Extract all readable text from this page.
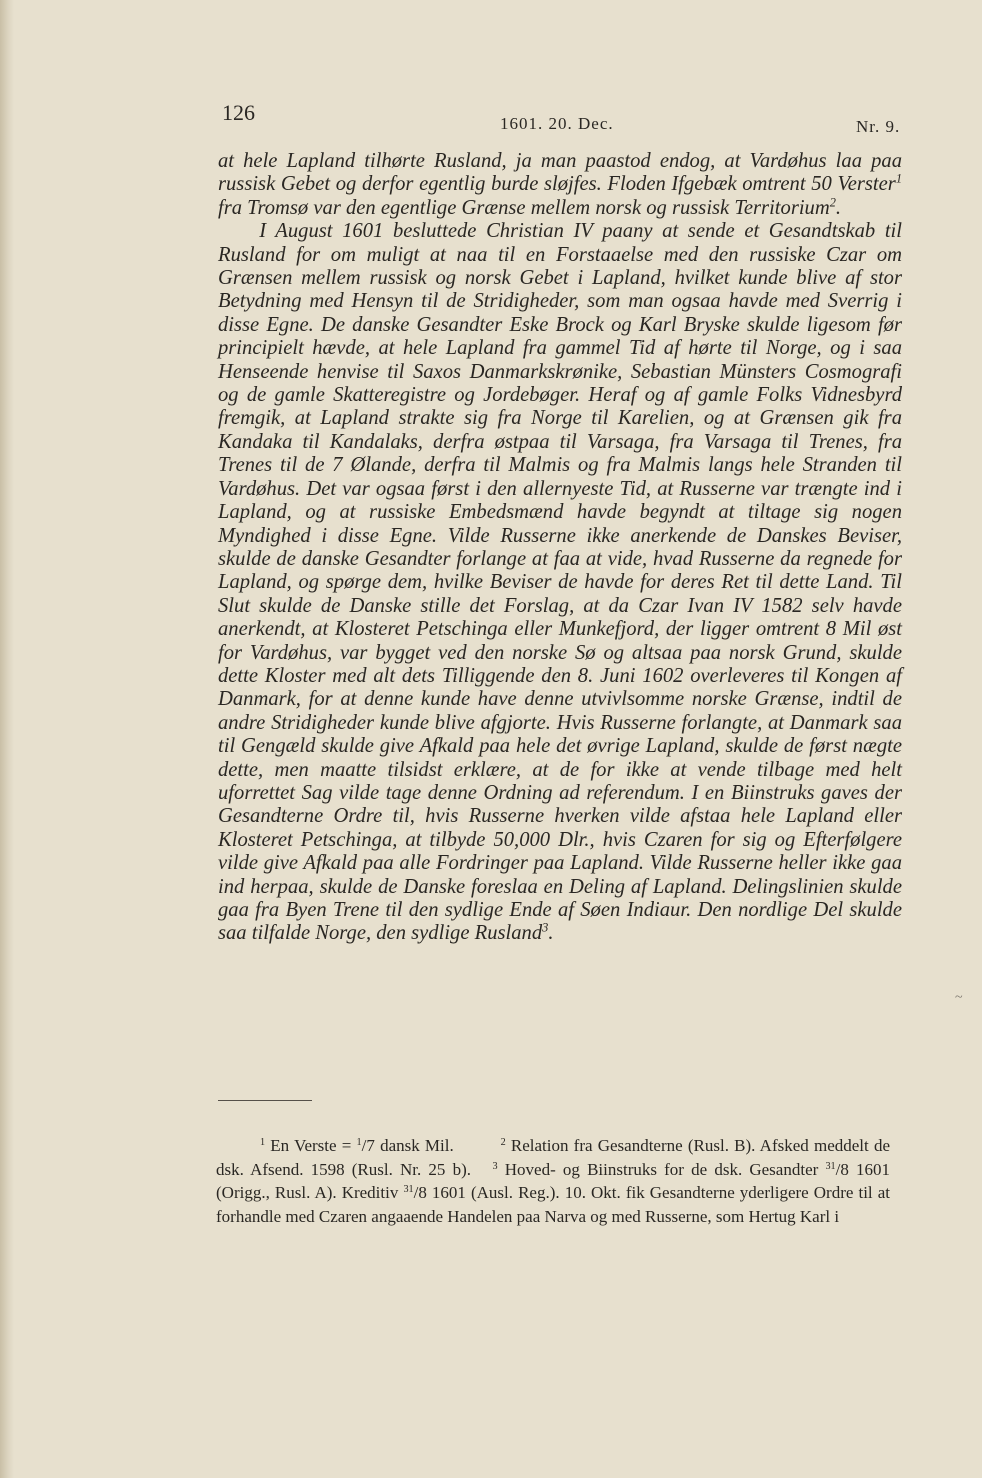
126	1601. 20. Dec.	Nr. 9.

at hele Lapland tilhørte Rusland, ja man paastod endog, at Vardøhus laa paa russisk Gebet og derfor egentlig burde sløjfes. Floden Ifgebæk omtrent 50 Verster$^1$ fra Tromsø var den egentlige Grænse mellem norsk og russisk Territorium$^2$.

I August 1601 besluttede Christian IV paany at sende et Gesandtskab til Rusland for om muligt at naa til en Forstaaelse med den russiske Czar om Grænsen mellem russisk og norsk Gebet i Lapland, hvilket kunde blive af stor Betydning med Hensyn til de Stridigheder, som man ogsaa havde med Sverrig i disse Egne. De danske Gesandter Eske Brock og Karl Bryske skulde ligesom før principielt hævde, at hele Lapland fra gammel Tid af hørte til Norge, og i saa Henseende henvise til Saxos Danmarkskrønike, Sebastian Münsters Cosmografi og de gamle Skatteregistre og Jordebøger. Heraf og af gamle Folks Vidnesbyrd fremgik, at Lapland strakte sig fra Norge til Karelien, og at Grænsen gik fra Kandaka til Kandalaks, derfra østpaa til Varsaga, fra Varsaga til Trenes, fra Trenes til de 7 Ølande, derfra til Malmis og fra Malmis langs hele Stranden til Vardøhus. Det var ogsaa først i den allernyeste Tid, at Russerne var trængte ind i Lapland, og at russiske Embedsmænd havde begyndt at tiltage sig nogen Myndighed i disse Egne. Vilde Russerne ikke anerkende de Danskes Beviser, skulde de danske Gesandter forlange at faa at vide, hvad Russerne da regnede for Lapland, og spørge dem, hvilke Beviser de havde for deres Ret til dette Land. Til Slut skulde de Danske stille det Forslag, at da Czar Ivan IV 1582 selv havde anerkendt, at Klosteret Petschinga eller Munkefjord, der ligger omtrent 8 Mil øst for Vardøhus, var bygget ved den norske Sø og altsaa paa norsk Grund, skulde dette Kloster med alt dets Tilliggende den 8. Juni 1602 overleveres til Kongen af Danmark, for at denne kunde have denne utvivlsomme norske Grænse, indtil de andre Stridigheder kunde blive afgjorte. Hvis Russerne forlangte, at Danmark saa til Gengæld skulde give Afkald paa hele det øvrige Lapland, skulde de først nægte dette, men maatte tilsidst erklære, at de for ikke at vende tilbage med helt uforrettet Sag vilde tage denne Ordning ad referendum. I en Biinstruks gaves der Gesandterne Ordre til, hvis Russerne hverken vilde afstaa hele Lapland eller Klosteret Petschinga, at tilbyde 50,000 Dlr., hvis Czaren for sig og Efterfølgere vilde give Afkald paa alle Fordringer paa Lapland. Vilde Russerne heller ikke gaa ind herpaa, skulde de Danske foreslaa en Deling af Lapland. Delingslinien skulde gaa fra Byen Trene til den sydlige Ende af Søen Indiaur. Den nordlige Del skulde saa tilfalde Norge, den sydlige Rusland$^3$.

$^1$ En Verste = $^1$/7 dansk Mil.	$^2$ Relation fra Gesandterne (Rusl. B). Afsked meddelt de dsk. Afsend. 1598 (Rusl. Nr. 25 b). $^3$ Hoved- og Biinstruks for de dsk. Gesandter $^{31}$/8 1601 (Origg., Rusl. A). Kreditiv $^{31}$/8 1601 (Ausl. Reg.). 10. Okt. fik Gesandterne yderligere Ordre til at forhandle med Czaren angaaende Handelen paa Narva og med Russerne, som Hertug Karl i
~
